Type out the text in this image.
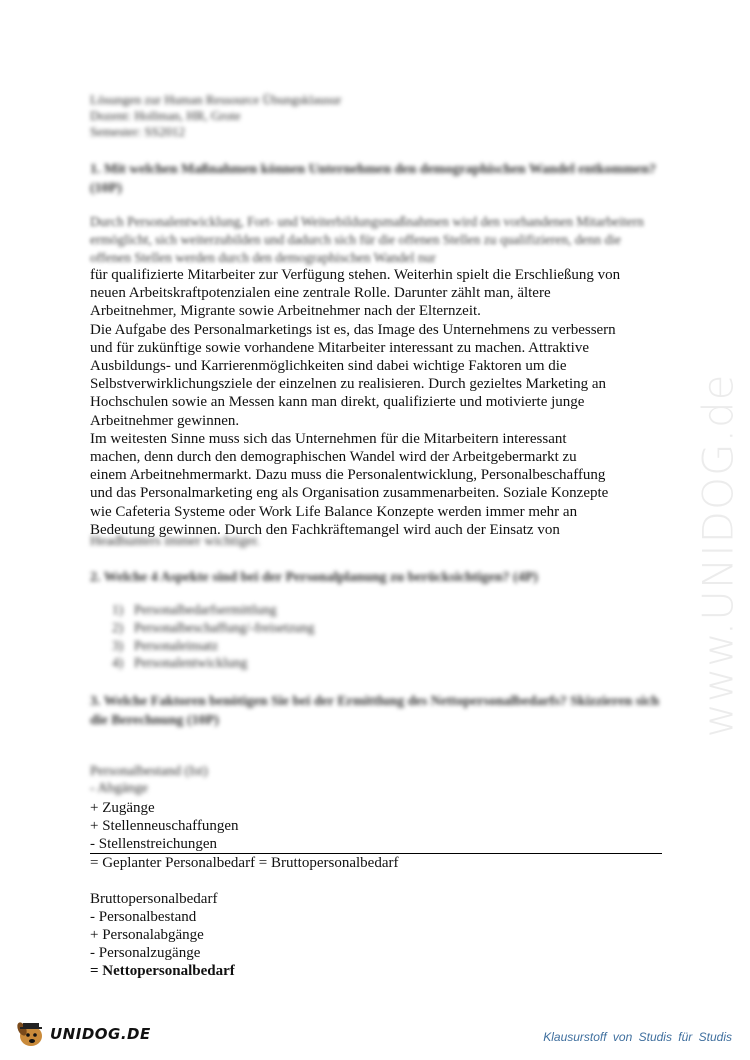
www.UNIDOG.de
Lösungen zur Human Ressource Übungsklausur
Dozent: Hollman, HR, Grote
Semester: SS2012
1. Mit welchen Maßnahmen können Unternehmen den demographischen Wandel entkommen? (10P)
Durch Personalentwicklung, Fort- und Weiterbildungsmaßnahmen wird den vorhandenen Mitarbeitern ermöglicht, sich weiterzubilden und dadurch sich für die offenen Stellen zu qualifizieren, denn die offenen Stellen werden durch den demographischen Wandel nur

für qualifizierte Mitarbeiter zur Verfügung stehen. Weiterhin spielt die Erschließung von

neuen Arbeitskraftpotenzialen eine zentrale Rolle. Darunter zählt man, ältere

Arbeitnehmer, Migrante sowie Arbeitnehmer nach der Elternzeit.

Die Aufgabe des Personalmarketings ist es, das Image des Unternehmens zu verbessern

und für zukünftige sowie vorhandene Mitarbeiter interessant zu machen. Attraktive

Ausbildungs- und Karrierenmöglichkeiten sind dabei wichtige Faktoren um die

Selbstverwirklichungsziele der einzelnen zu realisieren. Durch gezieltes Marketing an

Hochschulen sowie an Messen kann man direkt, qualifizierte und motivierte junge

Arbeitnehmer gewinnen.

Im weitesten Sinne muss sich das Unternehmen für die Mitarbeitern interessant

machen, denn durch den demographischen Wandel wird der Arbeitgebermarkt zu

einem Arbeitnehmermarkt. Dazu muss die Personalentwicklung, Personalbeschaffung

und das Personalmarketing eng als Organisation zusammenarbeiten. Soziale Konzepte

wie Cafeteria Systeme oder Work Life Balance Konzepte werden immer mehr an

Bedeutung gewinnen. Durch den Fachkräftemangel wird auch der Einsatz von

Headhunters immer wichtiger.
2. Welche 4 Aspekte sind bei der Personalplanung zu berücksichtigen? (4P)
1) Personalbedarfsermittlung
2) Personalbeschaffung/-freisetzung
3) Personaleinsatz
4) Personalentwicklung
3. Welche Faktoren benötigen Sie bei der Ermittlung des Nettopersonalbedarfs? Skizzieren sich die Berechnung (10P)
Personalbestand (Ist)
- Abgänge
+ Zugänge
+ Stellenneuschaffungen
- Stellenstreichungen
= Geplanter Personalbedarf = Bruttopersonalbedarf
Bruttopersonalbedarf
- Personalbestand
+ Personalabgänge
- Personalzugänge
= Nettopersonalbedarf
UNIDOG.DE	Klausurstoff von Studis für Studis
